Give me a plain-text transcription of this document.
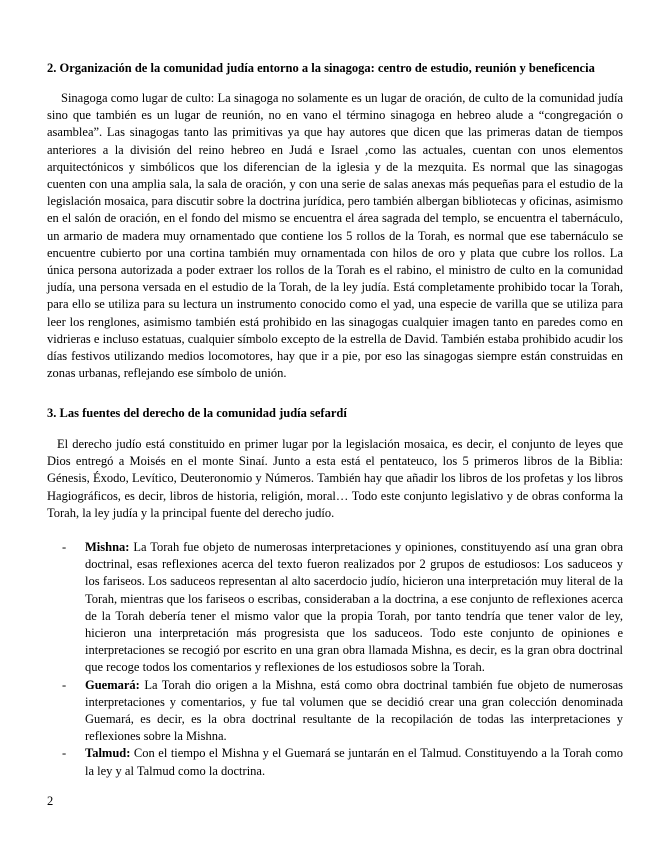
2. Organización de la comunidad judía entorno a la sinagoga: centro de estudio, reunión y beneficencia

Sinagoga como lugar de culto: La sinagoga no solamente es un lugar de oración, de culto de la comunidad judía sino que también es un lugar de reunión, no en vano el término sinagoga en hebreo alude a “congregación o asamblea”. Las sinagogas tanto las primitivas ya que hay autores que dicen que las primeras datan de tiempos anteriores a la división del reino hebreo en Judá e Israel ,como las actuales, cuentan con unos elementos arquitectónicos y simbólicos que los diferencian de la iglesia y de la mezquita. Es normal que las sinagogas cuenten con una amplia sala, la sala de oración, y con una serie de salas anexas más pequeñas para el estudio de la legislación mosaica, para discutir sobre la doctrina jurídica, pero también albergan bibliotecas y oficinas, asimismo en el salón de oración, en el fondo del mismo se encuentra el área sagrada del templo, se encuentra el tabernáculo, un armario de madera muy ornamentado que contiene los 5 rollos de la Torah, es normal que ese tabernáculo se encuentre cubierto por una cortina también muy ornamentada con hilos de oro y plata que cubre los rollos. La única persona autorizada a poder extraer los rollos de la Torah es el rabino, el ministro de culto en la comunidad judía, una persona versada en el estudio de la Torah, de la ley judía. Está completamente prohibido tocar la Torah, para ello se utiliza para su lectura un instrumento conocido como el yad, una especie de varilla que se utiliza para leer los renglones, asimismo también está prohibido en las sinagogas cualquier imagen tanto en paredes como en vidrieras e incluso estatuas, cualquier símbolo excepto de la estrella de David. También estaba prohibido acudir los días festivos utilizando medios locomotores, hay que ir a pie, por eso las sinagogas siempre están construidas en zonas urbanas, reflejando ese símbolo de unión.

3. Las fuentes del derecho de la comunidad judía sefardí

El derecho judío está constituido en primer lugar por la legislación mosaica, es decir, el conjunto de leyes que Dios entregó a Moisés en el monte Sinaí. Junto a esta está el pentateuco, los 5 primeros libros de la Biblia: Génesis, Éxodo, Levítico, Deuteronomio y Números. También hay que añadir los libros de los profetas y los libros Hagiográficos, es decir, libros de historia, religión, moral… Todo este conjunto legislativo y de obras conforma la Torah, la ley judía y la principal fuente del derecho judío.

- Mishna: La Torah fue objeto de numerosas interpretaciones y opiniones, constituyendo así una gran obra doctrinal, esas reflexiones acerca del texto fueron realizados por 2 grupos de estudiosos: Los saduceos y los fariseos. Los saduceos representan al alto sacerdocio judío, hicieron una interpretación muy literal de la Torah, mientras que los fariseos o escribas, consideraban a la doctrina, a ese conjunto de reflexiones acerca de la Torah debería tener el mismo valor que la propia Torah, por tanto tendría que tener valor de ley, hicieron una interpretación más progresista que los saduceos. Todo este conjunto de opiniones e interpretaciones se recogió por escrito en una gran obra llamada Mishna, es decir, es la gran obra doctrinal que recoge todos los comentarios y reflexiones de los estudiosos sobre la Torah.
- Guemará: La Torah dio origen a la Mishna, está como obra doctrinal también fue objeto de numerosas interpretaciones y comentarios, y fue tal volumen que se decidió crear una gran colección denominada Guemará, es decir, es la obra doctrinal resultante de la recopilación de todas las interpretaciones y reflexiones sobre la Mishna.
- Talmud: Con el tiempo el Mishna y el Guemará se juntarán en el Talmud. Constituyendo a la Torah como la ley y al Talmud como la doctrina.
2
